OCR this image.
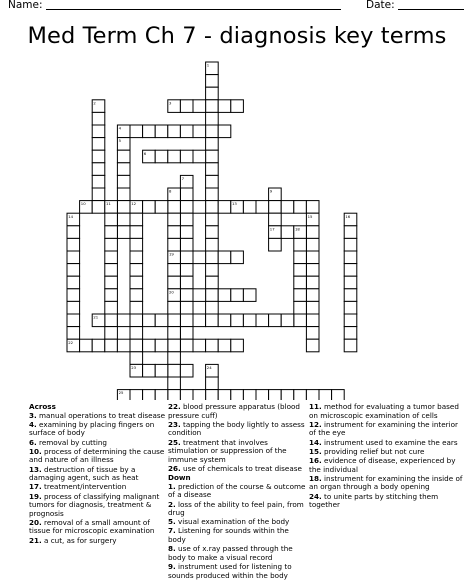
Name:	Date:
Med Term Ch 7 - diagnosis key terms
1
2	3
4
5
6
7
8	9
10	11	12	13
14	15	16
17	18
19
20
21
22
23	24
25
Across
3. manual operations to treat disease
4. examining by placing fingers on surface of body
6. removal by cutting
10. process of determining the cause and nature of an illness
13. destruction of tissue by a damaging agent, such as heat
17. treatment/intervention
19. process of classifying malignant tumors for diagnosis, treatment & prognosis
20. removal of a small amount of tissue for microscopic examination
21. a cut, as for surgery
22. blood pressure apparatus (blood pressure cuff)
23. tapping the body lightly to assess condition
25. treatment that involves stimulation or suppression of the immune system
26. use of chemicals to treat disease
Down
1. prediction of the course & outcome of a disease
2. loss of the ability to feel pain, from drug
5. visual examination of the body
7. Listening for sounds within the body
8. use of x.ray passed through the body to make a visual record
9. instrument used for listening to sounds produced within the body
11. method for evaluating a tumor based on microscopic examination of cells
12. instrument for examining the interior of the eye
14. instrument used to examine the ears
15. providing relief but not cure
16. evidence of disease, experienced by the individual
18. instrument for examining the inside of an organ through a body opening
24. to unite parts by stitching them together
